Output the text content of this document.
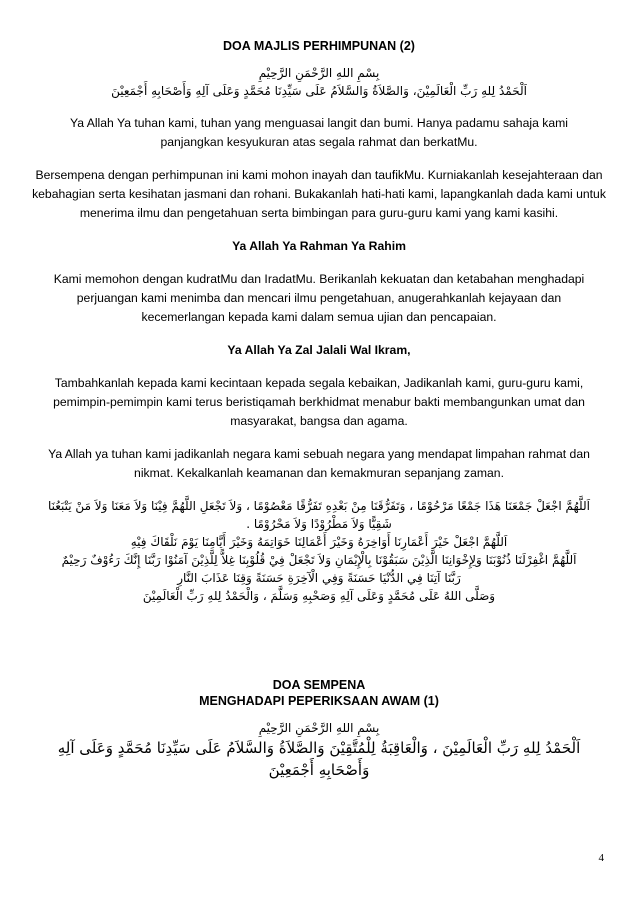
DOA MAJLIS PERHIMPUNAN (2)
بِسْمِ اللهِ الرَّحْمَنِ الرَّحِيْمِ
اَلْحَمْدُ لِلهِ رَبِّ الْعَالَمِيْنَ، وَالصَّلاَةُ وَالسَّلاَمُ عَلَى سَيِّدِنَا مُحَمَّدٍ وَعَلَى آلِهِ وَأَصْحَابِهِ أَجْمَعِيْنَ

Ya Allah Ya tuhan kami, tuhan yang menguasai langit dan bumi. Hanya padamu sahaja kami panjangkan kesyukuran atas segala rahmat dan berkatMu.

Bersempena dengan perhimpunan ini kami mohon inayah dan taufikMu. Kurniakanlah kesejahteraan dan kebahagian serta kesihatan jasmani dan rohani. Bukakanlah hati-hati kami, lapangkanlah dada kami untuk menerima ilmu dan pengetahuan serta bimbingan para guru-guru kami yang kami kasihi.

Ya Allah Ya Rahman Ya Rahim

Kami memohon dengan kudratMu dan IradatMu. Berikanlah kekuatan dan ketabahan menghadapi perjuangan kami menimba dan mencari ilmu pengetahuan, anugerahkanlah kejayaan dan kecemerlangan kepada kami dalam semua ujian dan pencapaian.

Ya Allah Ya Zal Jalali Wal Ikram,

Tambahkanlah kepada kami kecintaan kepada segala kebaikan, Jadikanlah kami, guru-guru kami, pemimpin-pemimpin kami terus beristiqamah berkhidmat menabur bakti membangunkan umat dan masyarakat, bangsa dan agama.

Ya Allah ya tuhan kami jadikanlah negara kami sebuah negara yang mendapat limpahan rahmat dan nikmat. Kekalkanlah keamanan dan kemakmuran sepanjang zaman.

اَللَّهُمَّ اجْعَلْ جَمْعَنَا هَذَا جَمْعًا مَرْحُوْمًا ، وَتَفَرُّقَنَا مِنْ بَعْدِهِ تَفَرُّقًا مَعْصُوْمًا ، وَلاَ تَجْعَلِ اللَّهُمَّ فِيْنَا وَلاَ مَعَنَا وَلاَ مَنْ يَتْبَعُنَا
شَقِيًّا وَلاَ مَطْرُوْدًا وَلاَ مَحْرُوْمًا .
اَللَّهُمَّ اجْعَلْ خَيْرَ أَعْمَارِنَا أَوَاخِرَهُ وَخَيْرَ أَعْمَالِنَا خَوَاتِمَهُ وَخَيْرَ أَيَّامِنَا يَوْمَ نَلْقَاكَ فِيْهِ
اَللَّهُمَّ اغْفِرْلَنَا ذُنُوْبَنَا وَلِإِخْوَانِنَا الَّذِيْنَ سَبَقُوْنَا بِالْإِيْمَانِ وَلاَ تَجْعَلْ فِيْ قُلُوْبِنَا غِلاًّ لِلَّذِيْنَ آمَنُوْا رَبَّنَا إِنَّكَ رَءُوْفٌ رَحِيْمٌ
رَبَّنَا آتِنَا فِي الدُّنْيَا حَسَنَةً وَفِي الْآخِرَةِ حَسَنَةً وَقِنَا عَذَابَ النَّارِ
وَصَلَّى اللهُ عَلَى مُحَمَّدٍ وَعَلَى آلِهِ وَصَحْبِهِ وَسَلَّمَ ، وَالْحَمْدُ لِلهِ رَبِّ الْعَالَمِيْنَ
DOA SEMPENA
MENGHADAPI PEPERIKSAAN AWAM (1)
بِسْمِ اللهِ الرَّحْمَنِ الرَّحِيْمِ
اَلْحَمْدُ لِلهِ رَبِّ الْعَالَمِيْنَ ، وَالْعَاقِبَةُ لِلْمُتَّقِيْنَ وَالصَّلاَةُ وَالسَّلاَمُ عَلَى سَيِّدِنَا مُحَمَّدٍ وَعَلَى آلِهِ
وَأَصْحَابِهِ أَجْمَعِيْنَ
4
